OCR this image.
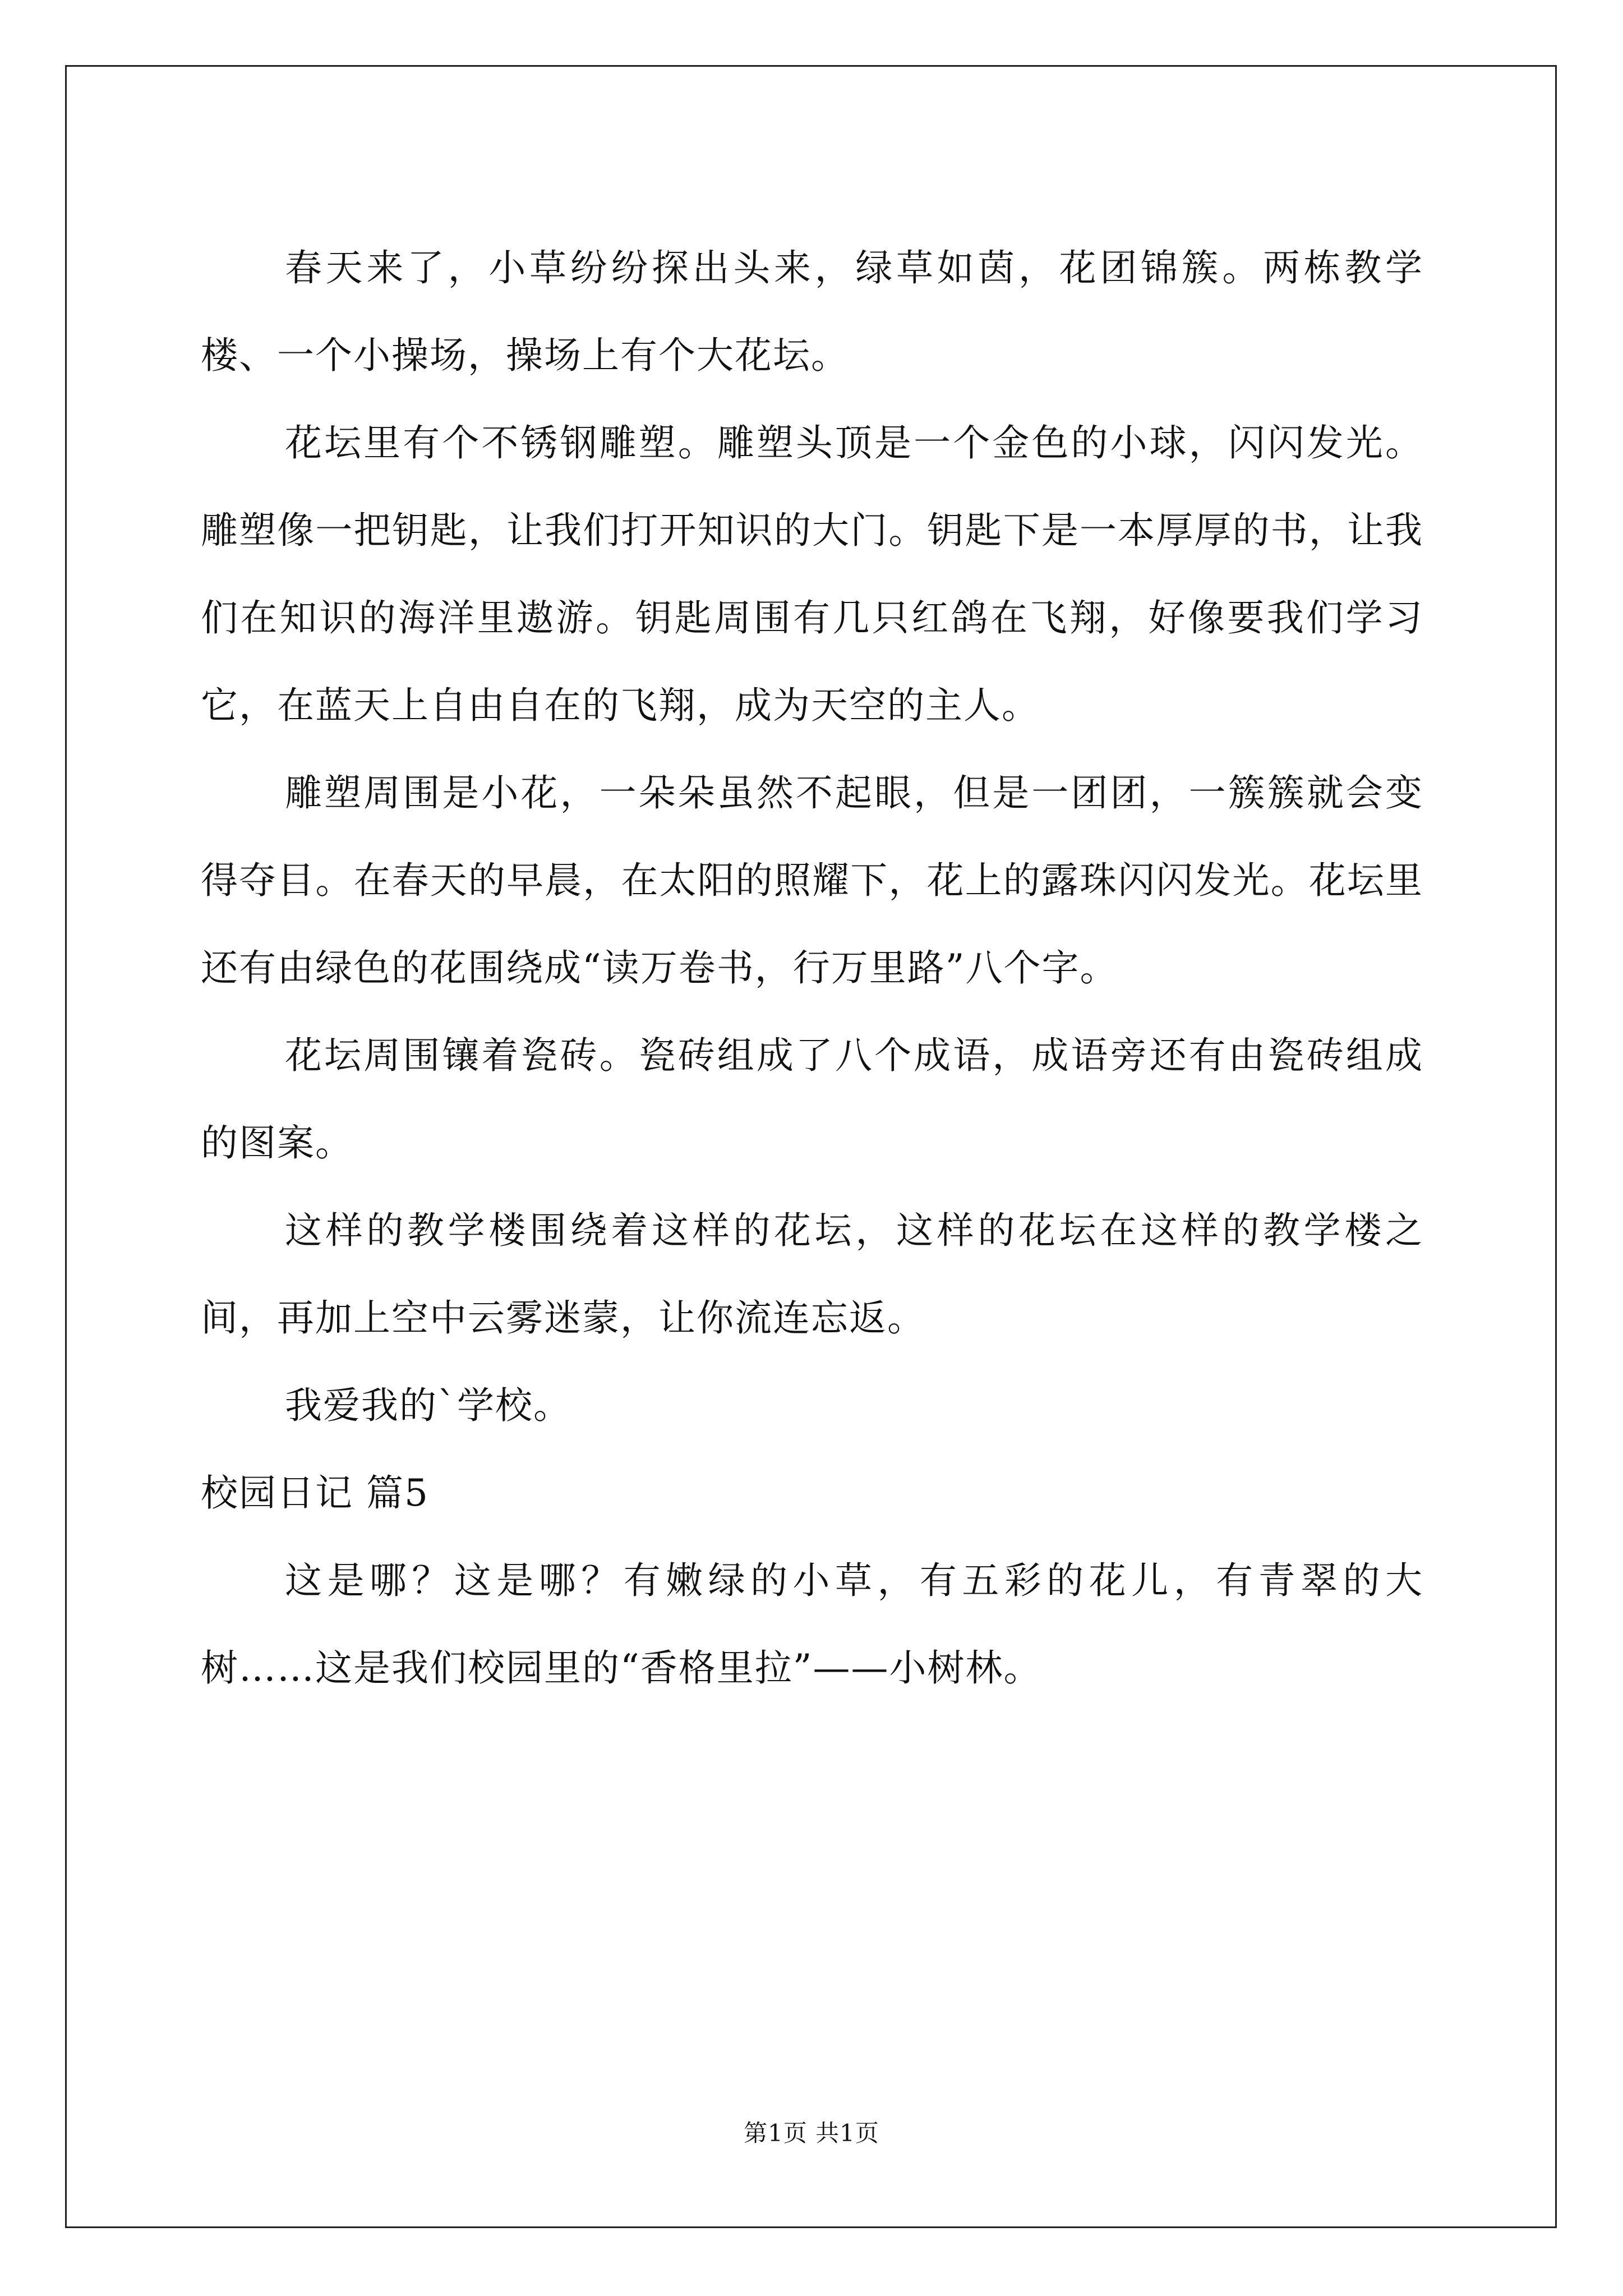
春天来了，小草纷纷探出头来，绿草如茵，花团锦簇。两栋教学楼、一个小操场，操场上有个大花坛。

花坛里有个不锈钢雕塑。雕塑头顶是一个金色的小球，闪闪发光。雕塑像一把钥匙，让我们打开知识的大门。钥匙下是一本厚厚的书，让我们在知识的海洋里遨游。钥匙周围有几只红鸽在飞翔，好像要我们学习它，在蓝天上自由自在的飞翔，成为天空的主人。

雕塑周围是小花，一朵朵虽然不起眼，但是一团团，一簇簇就会变得夺目。在春天的早晨，在太阳的照耀下，花上的露珠闪闪发光。花坛里还有由绿色的花围绕成“读万卷书，行万里路”八个字。

花坛周围镶着瓷砖。瓷砖组成了八个成语，成语旁还有由瓷砖组成的图案。

这样的教学楼围绕着这样的花坛，这样的花坛在这样的教学楼之间，再加上空中云雾迷蒙，让你流连忘返。

我爱我的`学校。

校园日记 篇5

这是哪？这是哪？有嫩绿的小草，有五彩的花儿，有青翠的大树……这是我们校园里的“香格里拉”——小树林。

第1页 共1页
